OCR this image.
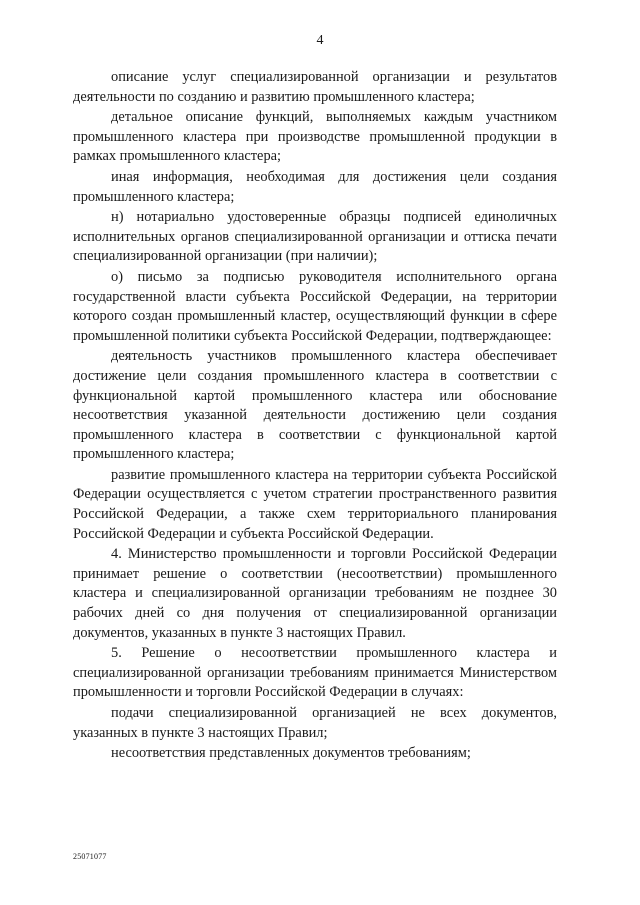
4

описание услуг специализированной организации и результатов деятельности по созданию и развитию промышленного кластера;

детальное описание функций, выполняемых каждым участником промышленного кластера при производстве промышленной продукции в рамках промышленного кластера;

иная информация, необходимая для достижения цели создания промышленного кластера;

н) нотариально удостоверенные образцы подписей единоличных исполнительных органов специализированной организации и оттиска печати специализированной организации (при наличии);

о) письмо за подписью руководителя исполнительного органа государственной власти субъекта Российской Федерации, на территории которого создан промышленный кластер, осуществляющий функции в сфере промышленной политики субъекта Российской Федерации, подтверждающее:

деятельность участников промышленного кластера обеспечивает достижение цели создания промышленного кластера в соответствии с функциональной картой промышленного кластера или обоснование несоответствия указанной деятельности достижению цели создания промышленного кластера в соответствии с функциональной картой промышленного кластера;

развитие промышленного кластера на территории субъекта Российской Федерации осуществляется с учетом стратегии пространственного развития Российской Федерации, а также схем территориального планирования Российской Федерации и субъекта Российской Федерации.

4. Министерство промышленности и торговли Российской Федерации принимает решение о соответствии (несоответствии) промышленного кластера и специализированной организации требованиям не позднее 30 рабочих дней со дня получения от специализированной организации документов, указанных в пункте 3 настоящих Правил.

5. Решение о несоответствии промышленного кластера и специализированной организации требованиям принимается Министерством промышленности и торговли Российской Федерации в случаях:

подачи специализированной организацией не всех документов, указанных в пункте 3 настоящих Правил;

несоответствия представленных документов требованиям;

25071077
